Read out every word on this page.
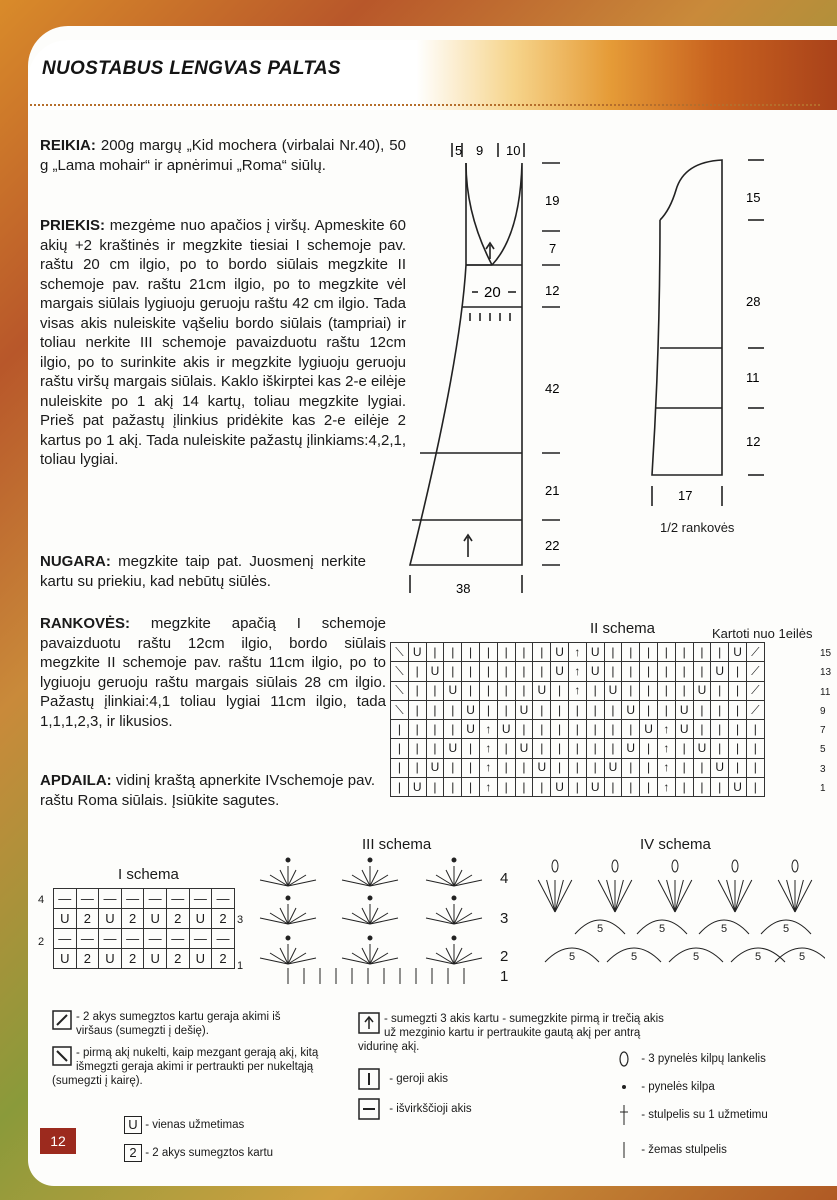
NUOSTABUS LENGVAS PALTAS
REIKIA: 200g margų „Kid mochera (virbalai Nr.40), 50 g „Lama mohair“ ir apnėrimui „Roma“ siūlų.
PRIEKIS: mezgėme nuo apačios į viršų. Apmeskite 60 akių +2 kraštinės ir megzkite tiesiai I schemoje pav. raštu 20 cm ilgio, po to bordo siūlais megzkite II schemoje pav. raštu 21cm ilgio, po to megzkite vėl margais siūlais lygiuoju geruoju raštu 42 cm ilgio. Tada visas akis nuleiskite vąšeliu bordo siūlais (tampriai) ir toliau nerkite III schemoje pavaizduotu raštu 12cm ilgio, po to surinkite akis ir megzkite lygiuoju geruoju raštu viršų margais siūlais. Kaklo iškirptei kas 2-e eilėje nuleiskite po 1 akį 14 kartų, toliau megzkite lygiai. Prieš pat pažastų įlinkius pridėkite kas 2-e eilėje 2 kartus po 1 akį. Tada nuleiskite pažastų įlinkiams:4,2,1, toliau lygiai.
NUGARA: megzkite taip pat. Juosmenį nerkite kartu su priekiu, kad nebūtų siūlės.
RANKOVĖS: megzkite apačią I schemoje pavaizduotu raštu 12cm ilgio, bordo siūlais megzkite II schemoje pav. raštu 11cm ilgio, po to lygiuoju geruoju raštu margais siūlais 28 cm ilgio. Pažastų įlinkiai:4,1 toliau lygiai 11cm ilgio, tada 1,1,1,2,3, ir likusios.
APDAILA: vidinį kraštą apnerkite IVschemoje pav. raštu Roma siūlais. Įsiūkite sagutes.
5 9 10
19
7
12
42
21
22
20
38
15
28
11
12
17
1/2 rankovės
II schema	Kartoti nuo 1eilės
⟍	U	|	|	|	|	|	|	|	U	↑	U	|	|	|	|	|	|	|	U	⟋
⟍	|	U	|	|	|	|	|	|	U	↑	U	|	|	|	|	|	|	U	|	⟋
⟍	|	|	U	|	|	|	|	U	|	↑	|	U	|	|	|	|	U	|	|	⟋
⟍	|	|	|	U	|	|	U	|	|	|	|	|	U	|	|	U	|	|	|	⟋
|	|	|	|	U	↑	U	|	|	|	|	|	|	|	U	↑	U	|	|	|	|
|	|	|	U	|	↑	|	U	|	|	|	|	|	U	|	↑	|	U	|	|	|
|	|	U	|	|	↑	|	|	U	|	|	|	U	|	|	↑	|	|	U	|	|
|	U	|	|	|	↑	|	|	|	U	|	U	|	|	|	↑	|	|	|	U	|
15
13
11
9
7
5
3
1
I schema
—	—	—	—	—	—	—	—
U	2	U	2	U	2	U	2
—	—	—	—	—	—	—	—
U	2	U	2	U	2	U	2
4
2
3
1
III schema
4
3
2
1
IV schema
5	5	5	5	5
5	5	5	5
- 2 akys sumegztos kartu geraja akimi iš viršaus (sumegzti į dešię).
- pirmą akį nukelti, kaip mezgant gerają akį, kitą išmegzti geraja akimi ir pertraukti per nukeltąją (sumegzti į kairę).
U - vienas užmetimas
2 - 2 akys sumegztos kartu
- sumegzti 3 akis kartu - sumegzkite pirmą ir trečią akis už mezginio kartu ir pertraukite gautą akį per antrą vidurinę akį.
- geroji akis
- išvirkščioji akis
- 3 pynelės kilpų lankelis
- pynelės kilpa
- stulpelis su 1 užmetimu
- žemas stulpelis
12
